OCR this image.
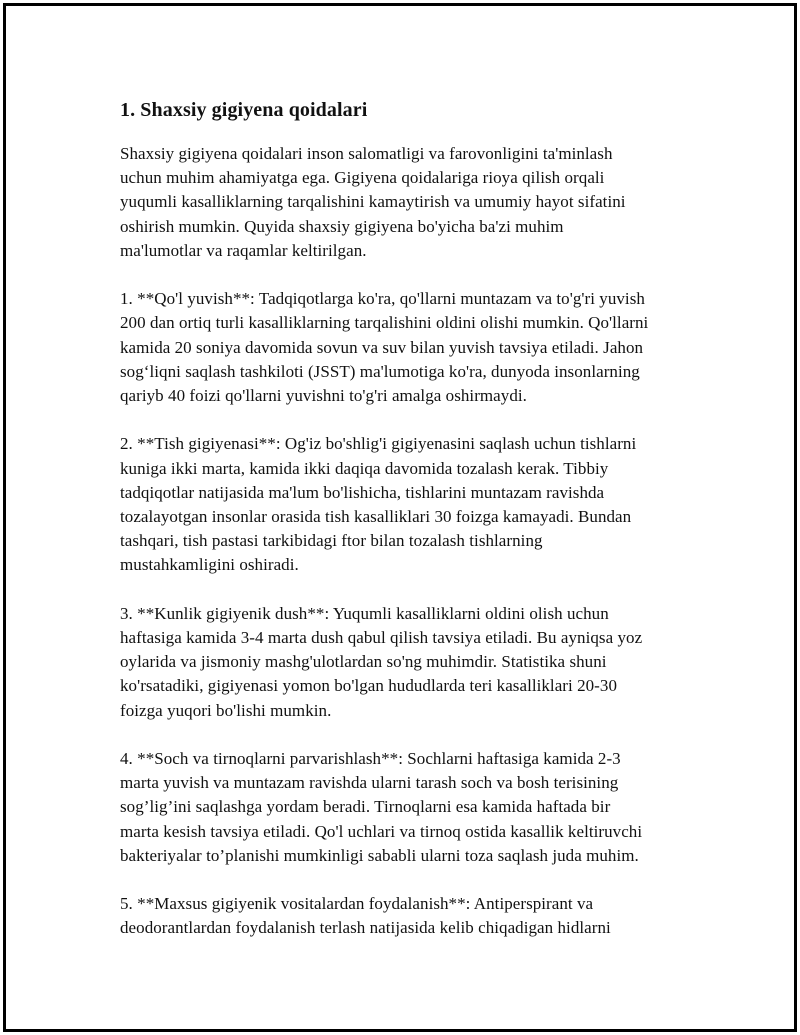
1. Shaxsiy gigiyena qoidalari

Shaxsiy gigiyena qoidalari inson salomatligi va farovonligini ta'minlash
uchun muhim ahamiyatga ega. Gigiyena qoidalariga rioya qilish orqali
yuqumli kasalliklarning tarqalishini kamaytirish va umumiy hayot sifatini
oshirish mumkin. Quyida shaxsiy gigiyena bo'yicha ba'zi muhim
ma'lumotlar va raqamlar keltirilgan.

1. **Qo'l yuvish**: Tadqiqotlarga ko'ra, qo'llarni muntazam va to'g'ri yuvish
200 dan ortiq turli kasalliklarning tarqalishini oldini olishi mumkin. Qo'llarni
kamida 20 soniya davomida sovun va suv bilan yuvish tavsiya etiladi. Jahon
sog‘liqni saqlash tashkiloti (JSST) ma'lumotiga ko'ra, dunyoda insonlarning
qariyb 40 foizi qo'llarni yuvishni to'g'ri amalga oshirmaydi.

2. **Tish gigiyenasi**: Og'iz bo'shlig'i gigiyenasini saqlash uchun tishlarni
kuniga ikki marta, kamida ikki daqiqa davomida tozalash kerak. Tibbiy
tadqiqotlar natijasida ma'lum bo'lishicha, tishlarini muntazam ravishda
tozalayotgan insonlar orasida tish kasalliklari 30 foizga kamayadi. Bundan
tashqari, tish pastasi tarkibidagi ftor bilan tozalash tishlarning
mustahkamligini oshiradi.

3. **Kunlik gigiyenik dush**: Yuqumli kasalliklarni oldini olish uchun
haftasiga kamida 3-4 marta dush qabul qilish tavsiya etiladi. Bu ayniqsa yoz
oylarida va jismoniy mashg'ulotlardan so'ng muhimdir. Statistika shuni
ko'rsatadiki, gigiyenasi yomon bo'lgan hududlarda teri kasalliklari 20-30
foizga yuqori bo'lishi mumkin.

4. **Soch va tirnoqlarni parvarishlash**: Sochlarni haftasiga kamida 2-3
marta yuvish va muntazam ravishda ularni tarash soch va bosh terisining
sog’lig’ini saqlashga yordam beradi. Tirnoqlarni esa kamida haftada bir
marta kesish tavsiya etiladi. Qo'l uchlari va tirnoq ostida kasallik keltiruvchi
bakteriyalar to’planishi mumkinligi sababli ularni toza saqlash juda muhim.

5. **Maxsus gigiyenik vositalardan foydalanish**: Antiperspirant va
deodorantlardan foydalanish terlash natijasida kelib chiqadigan hidlarni
